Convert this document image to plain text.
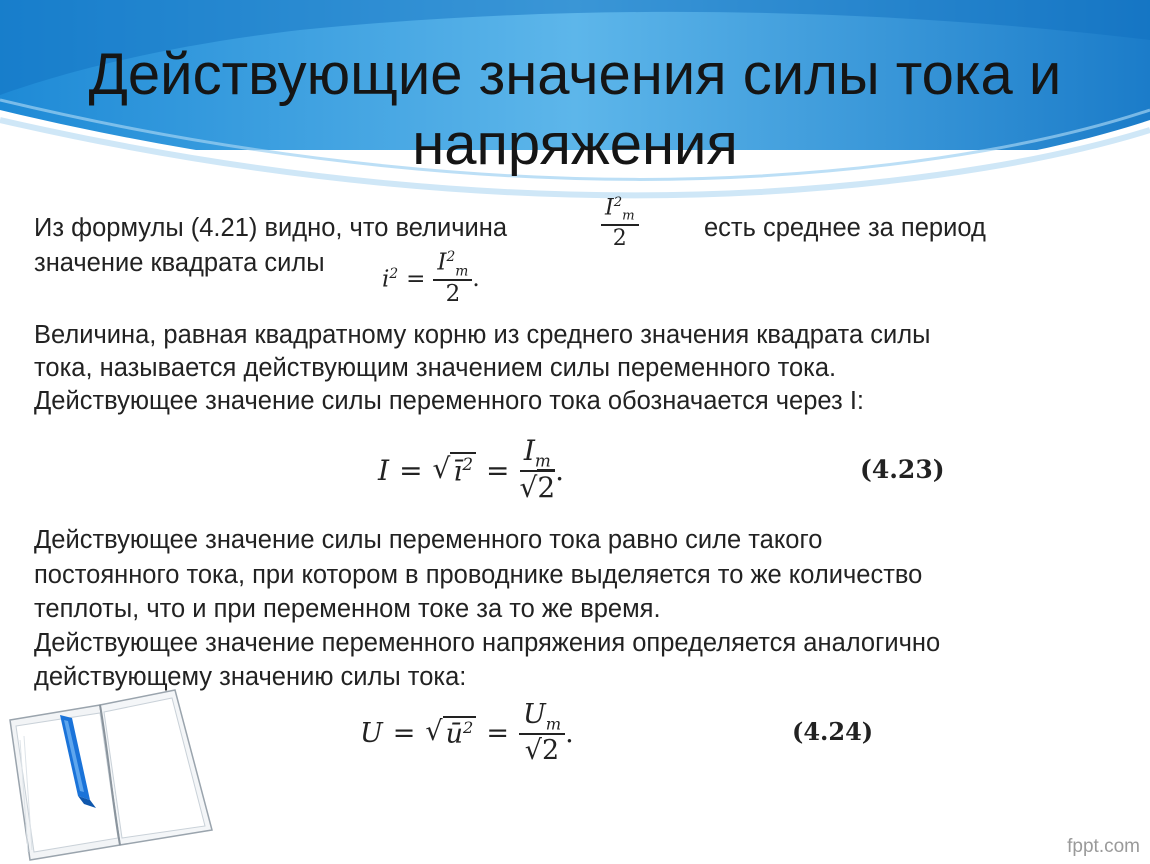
Действующие значения силы тока и напряжения
Из формулы (4.21) видно, что величина	$\frac{I^2_m}{2}$	есть среднее за период
значение квадрата силы
$i^2 = \frac{I^2_m}{2}$ .
Величина, равная квадратному корню из среднего значения квадрата силы
тока, называется действующим значением силы переменного тока.
Действующее значение силы переменного тока обозначается через I:
I = √ $ī^2 = \frac{I_m}{√2}$ .	(4.23)
Действующее значение силы переменного тока равно силе такого
постоянного тока, при котором в проводнике выделяется то же количество
теплоты, что и при переменном токе за то же время.
Действующее значение переменного напряжения определяется аналогично
действующему значению силы тока:
U = √ $ū^2 = \frac{U_m}{√2}$ .	(4.24)
fppt.com
